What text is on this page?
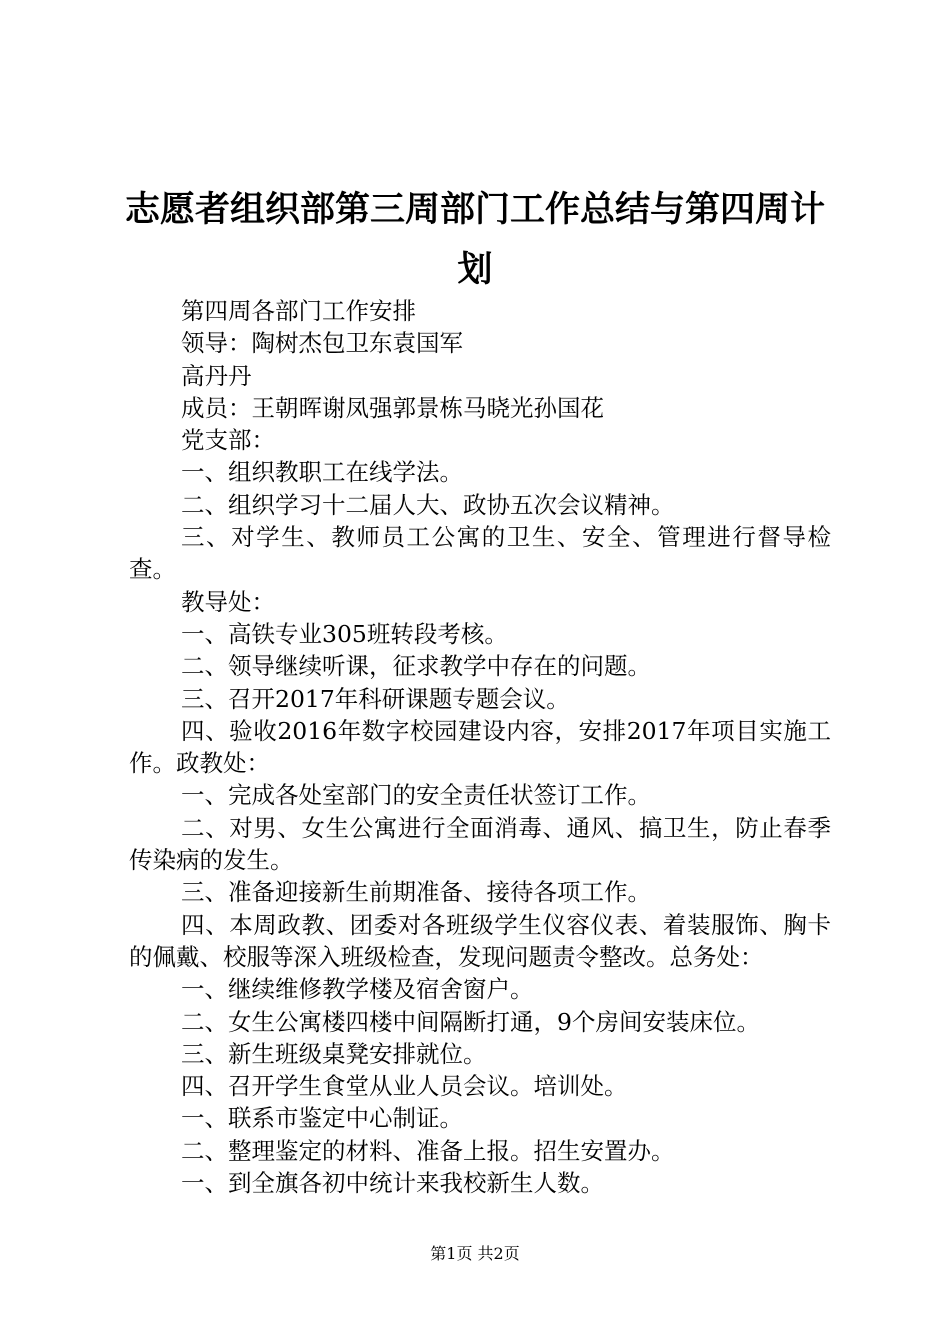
志愿者组织部第三周部门工作总结与第四周计
划

第四周各部门工作安排

领导：陶树杰包卫东袁国军

高丹丹

成员：王朝晖谢凤强郭景栋马晓光孙国花

党支部：

一、组织教职工在线学法。

二、组织学习十二届人大、政协五次会议精神。

三、对学生、教师员工公寓的卫生、安全、管理进行督导检查。

教导处：

一、高铁专业305班转段考核。

二、领导继续听课，征求教学中存在的问题。

三、召开2017年科研课题专题会议。

四、验收2016年数字校园建设内容，安排2017年项目实施工作。政教处：

一、完成各处室部门的安全责任状签订工作。

二、对男、女生公寓进行全面消毒、通风、搞卫生，防止春季传染病的发生。

三、准备迎接新生前期准备、接待各项工作。

四、本周政教、团委对各班级学生仪容仪表、着装服饰、胸卡的佩戴、校服等深入班级检查，发现问题责令整改。总务处：

一、继续维修教学楼及宿舍窗户。

二、女生公寓楼四楼中间隔断打通，9个房间安装床位。

三、新生班级桌凳安排就位。

四、召开学生食堂从业人员会议。培训处。

一、联系市鉴定中心制证。

二、整理鉴定的材料、准备上报。招生安置办。

一、到全旗各初中统计来我校新生人数。

第1页 共2页
